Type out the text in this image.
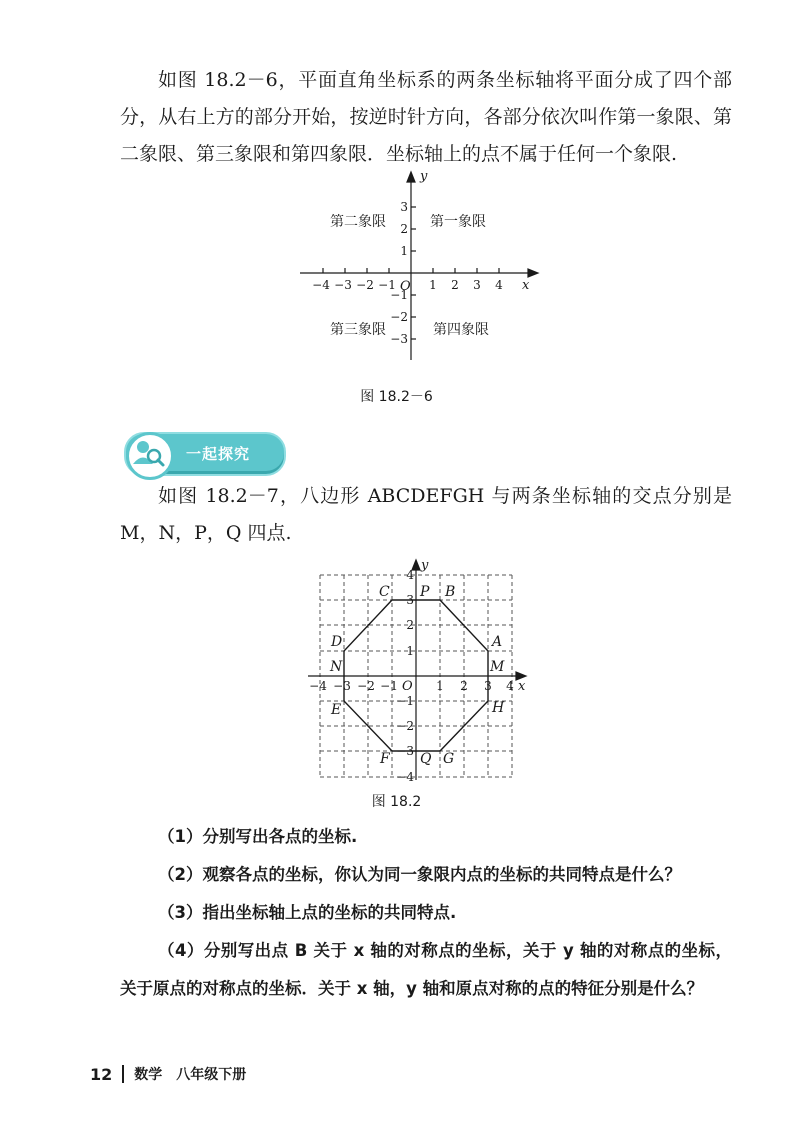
如图 18.2－6，平面直角坐标系的两条坐标轴将平面分成了四个部分，从右上方的部分开始，按逆时针方向，各部分依次叫作第一象限、第二象限、第三象限和第四象限．坐标轴上的点不属于任何一个象限.

x
y
O
−4 −3 −2 −1	1 2 3 4
3
2
1
−1
−2
−3
第二象限	第一象限
第三象限	第四象限
图 18.2－6
一起探究

如图 18.2－7，八边形 ABCDEFGH 与两条坐标轴的交点分别是 M，N，P，Q 四点.

x
y
O
−4 −3 −2 −1	1 2 3 4
4
3
2
1
−1
−2
−3
−4
A
B
C
D
E
F	G
H
M
N
P
Q
图 18.2

（1）分别写出各点的坐标.

（2）观察各点的坐标，你认为同一象限内点的坐标的共同特点是什么？

（3）指出坐标轴上点的坐标的共同特点.

（4）分别写出点 B 关于 x 轴的对称点的坐标，关于 y 轴的对称点的坐标，关于原点的对称点的坐标．关于 x 轴，y 轴和原点对称的点的特征分别是什么？

12 数学 八年级下册
